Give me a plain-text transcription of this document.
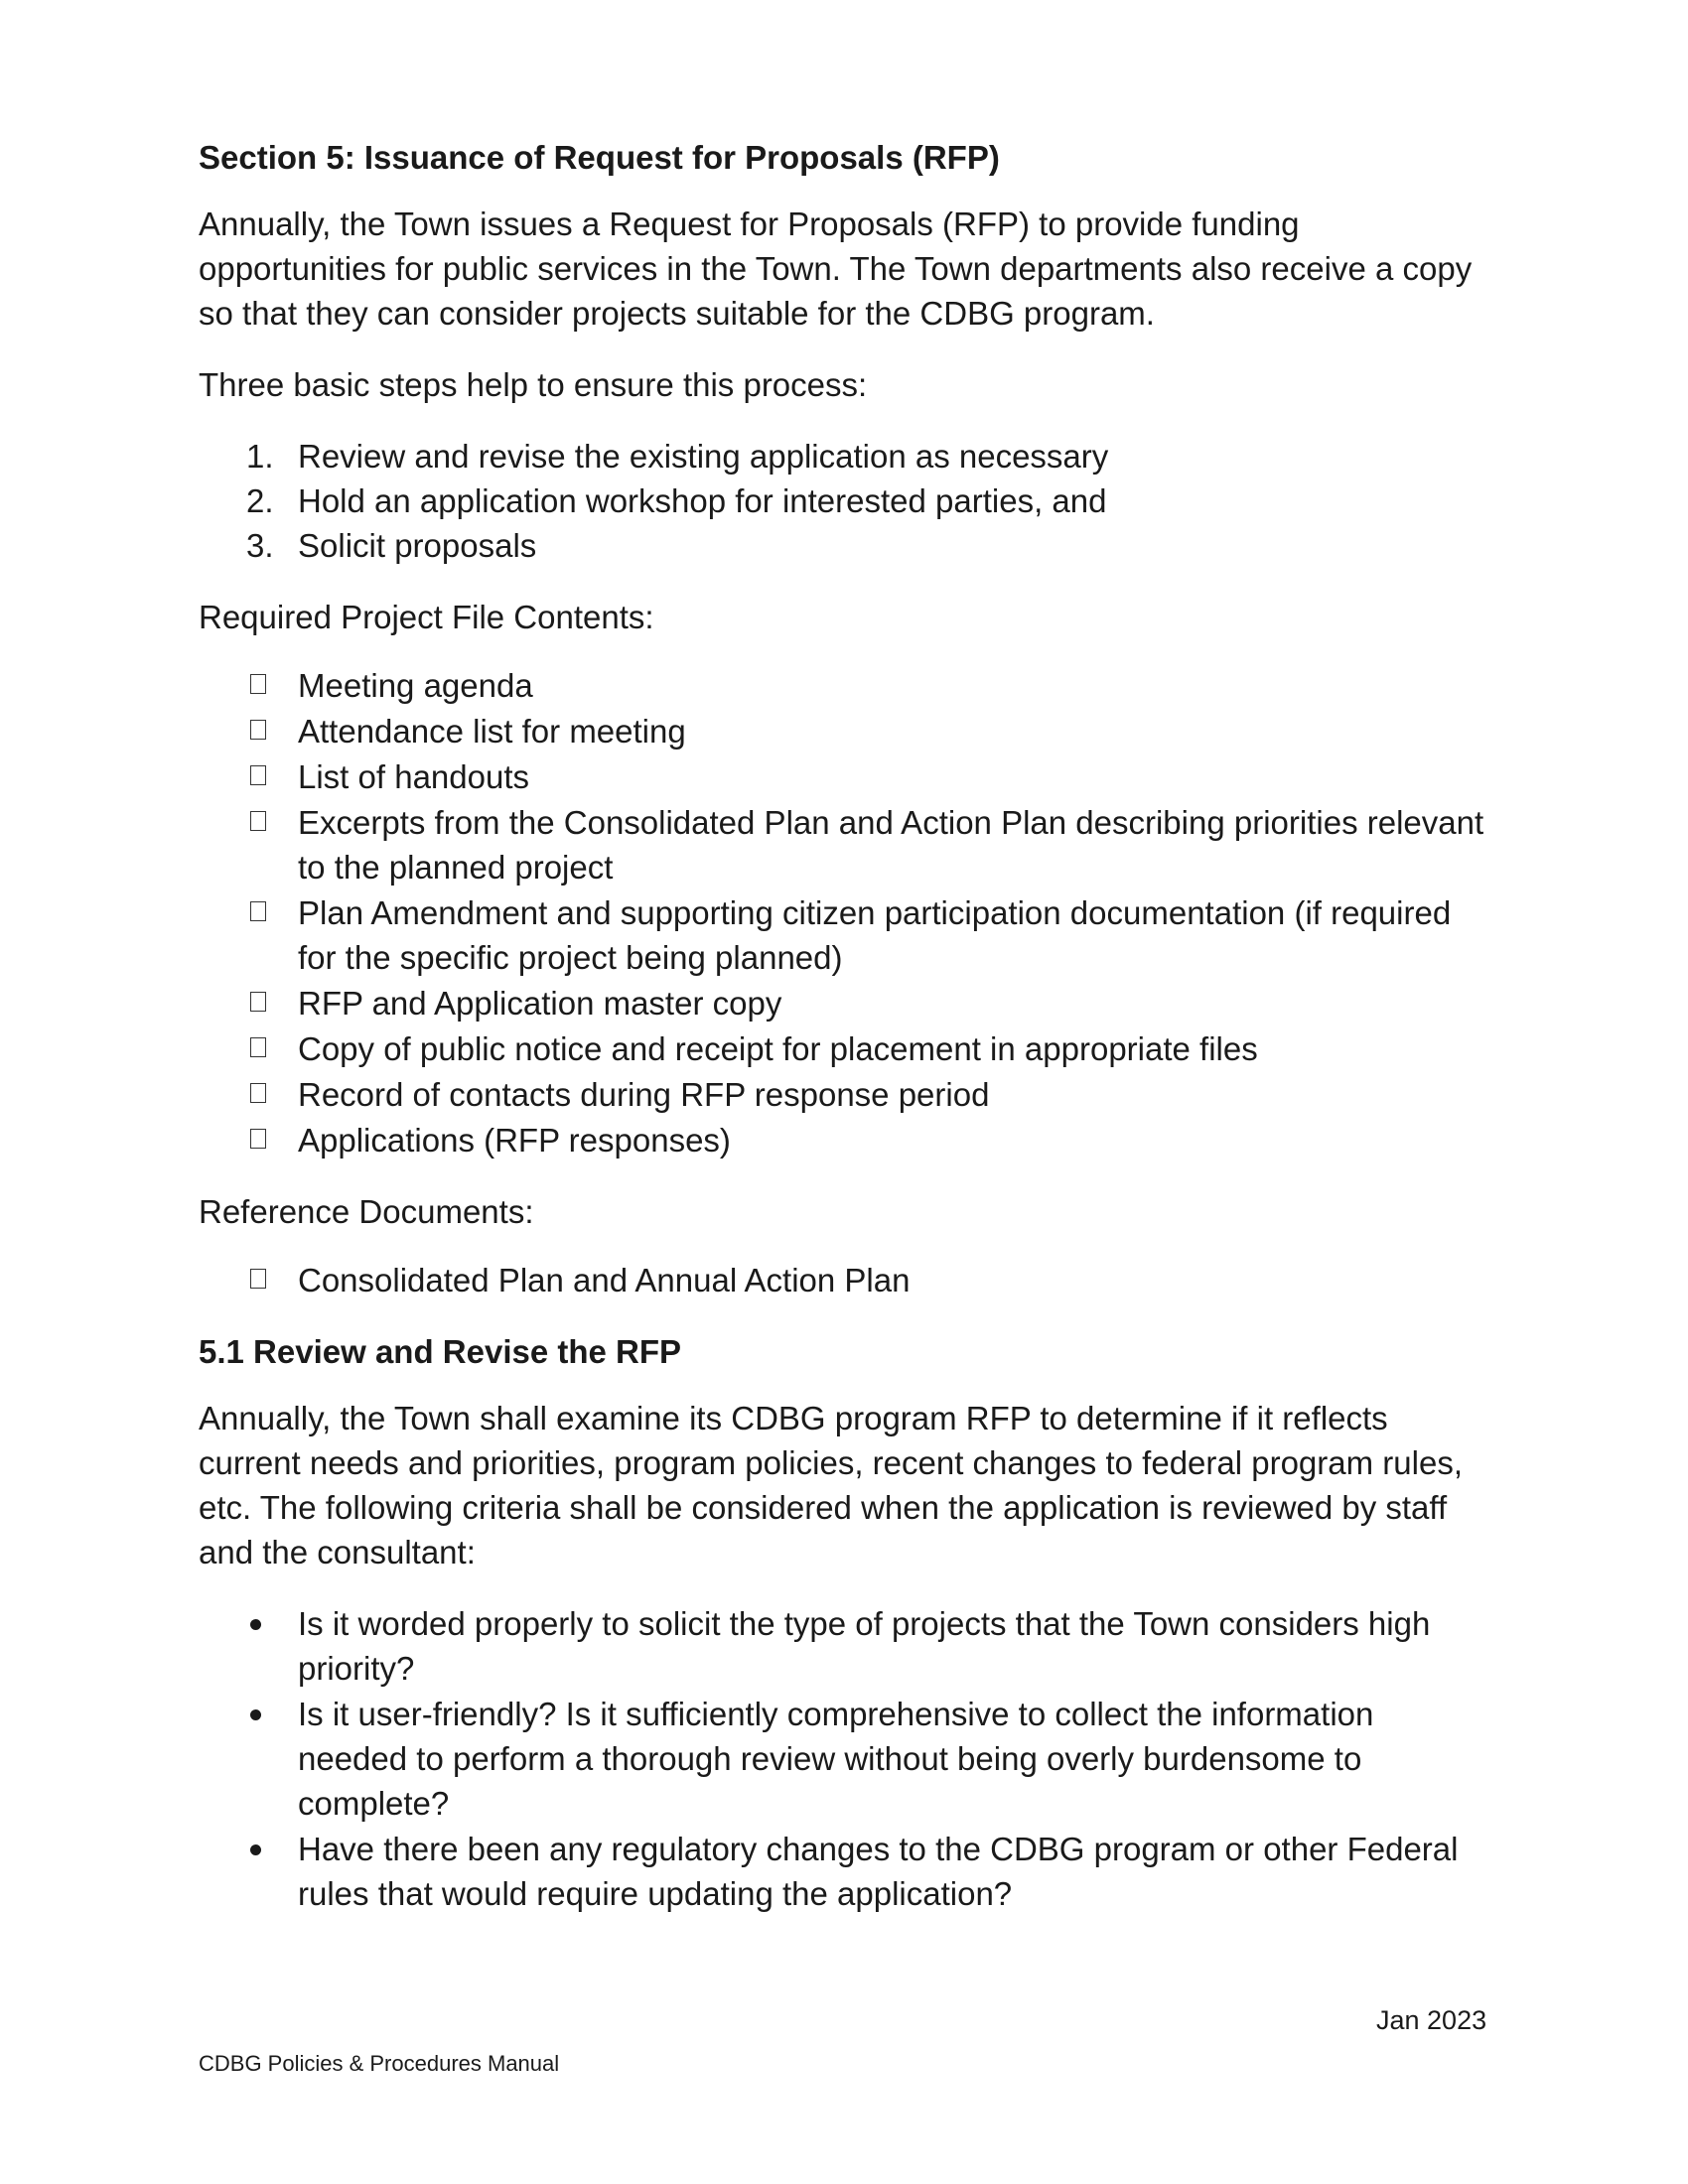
Section 5: Issuance of Request for Proposals (RFP)

Annually, the Town issues a Request for Proposals (RFP) to provide funding opportunities for public services in the Town. The Town departments also receive a copy so that they can consider projects suitable for the CDBG program.

Three basic steps help to ensure this process:

1. Review and revise the existing application as necessary
2. Hold an application workshop for interested parties, and
3. Solicit proposals

Required Project File Contents:

Meeting agenda
Attendance list for meeting
List of handouts
Excerpts from the Consolidated Plan and Action Plan describing priorities relevant to the planned project
Plan Amendment and supporting citizen participation documentation (if required for the specific project being planned)
RFP and Application master copy
Copy of public notice and receipt for placement in appropriate files
Record of contacts during RFP response period
Applications (RFP responses)

Reference Documents:

Consolidated Plan and Annual Action Plan
5.1 Review and Revise the RFP

Annually, the Town shall examine its CDBG program RFP to determine if it reflects current needs and priorities, program policies, recent changes to federal program rules, etc. The following criteria shall be considered when the application is reviewed by staff and the consultant:

Is it worded properly to solicit the type of projects that the Town considers high priority?
Is it user-friendly? Is it sufficiently comprehensive to collect the information needed to perform a thorough review without being overly burdensome to complete?
Have there been any regulatory changes to the CDBG program or other Federal rules that would require updating the application?
Jan 2023
CDBG Policies & Procedures Manual
